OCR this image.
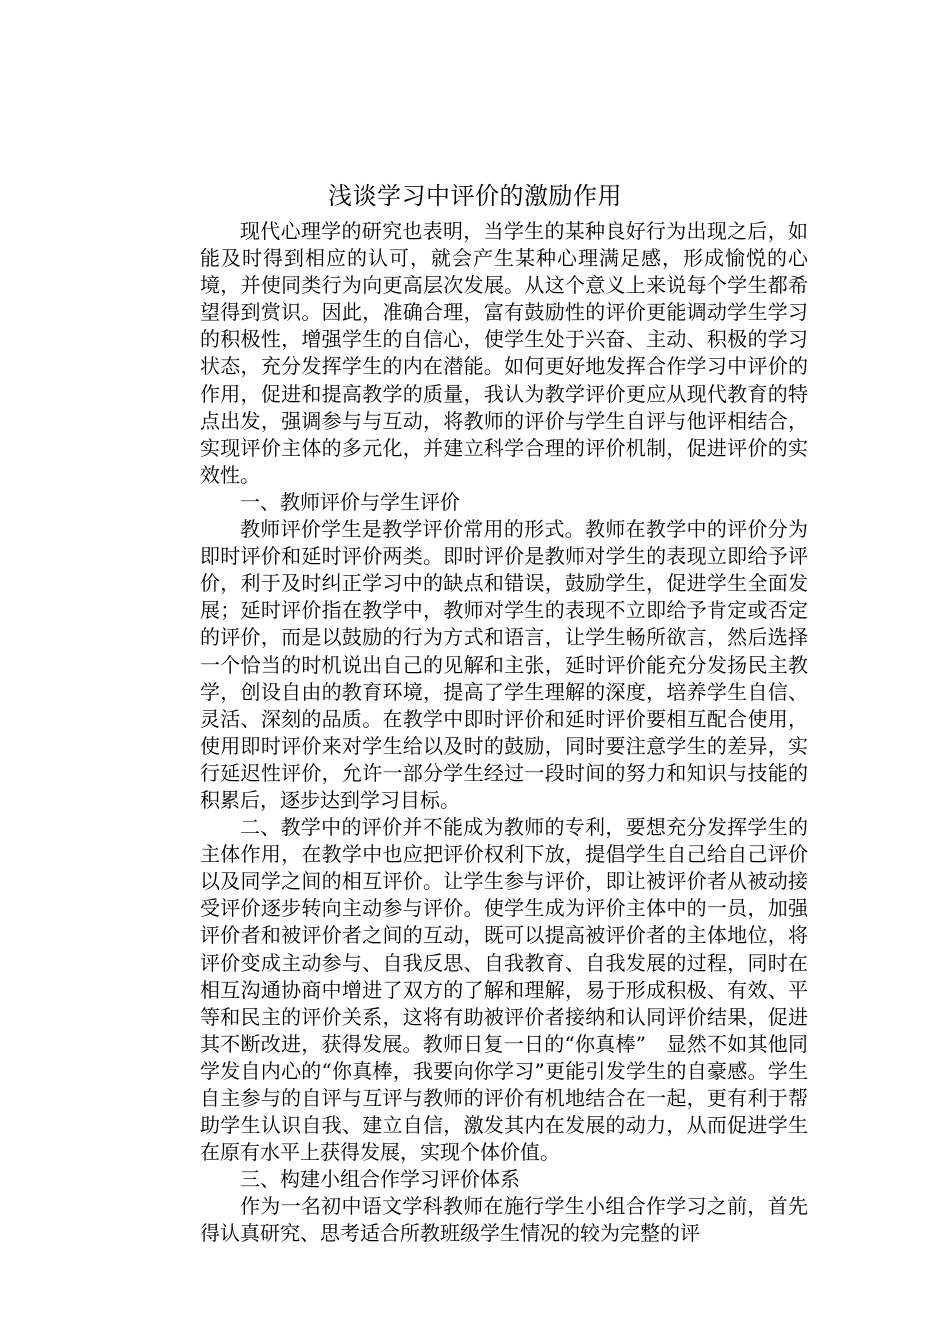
浅谈学习中评价的激励作用

现代心理学的研究也表明，当学生的某种良好行为出现之后，如能及时得到相应的认可，就会产生某种心理满足感，形成愉悦的心境，并使同类行为向更高层次发展。从这个意义上来说每个学生都希望得到赏识。因此，准确合理，富有鼓励性的评价更能调动学生学习的积极性，增强学生的自信心，使学生处于兴奋、主动、积极的学习状态，充分发挥学生的内在潜能。如何更好地发挥合作学习中评价的作用，促进和提高教学的质量，我认为教学评价更应从现代教育的特点出发，强调参与与互动，将教师的评价与学生自评与他评相结合，实现评价主体的多元化，并建立科学合理的评价机制，促进评价的实效性。

一、教师评价与学生评价

教师评价学生是教学评价常用的形式。教师在教学中的评价分为即时评价和延时评价两类。即时评价是教师对学生的表现立即给予评价，利于及时纠正学习中的缺点和错误，鼓励学生，促进学生全面发展；延时评价指在教学中，教师对学生的表现不立即给予肯定或否定的评价，而是以鼓励的行为方式和语言，让学生畅所欲言，然后选择一个恰当的时机说出自己的见解和主张，延时评价能充分发扬民主教学，创设自由的教育环境，提高了学生理解的深度，培养学生自信、灵活、深刻的品质。在教学中即时评价和延时评价要相互配合使用，使用即时评价来对学生给以及时的鼓励，同时要注意学生的差异，实行延迟性评价，允许一部分学生经过一段时间的努力和知识与技能的积累后，逐步达到学习目标。

二、教学中的评价并不能成为教师的专利，要想充分发挥学生的主体作用，在教学中也应把评价权利下放，提倡学生自己给自己评价以及同学之间的相互评价。让学生参与评价，即让被评价者从被动接受评价逐步转向主动参与评价。使学生成为评价主体中的一员，加强评价者和被评价者之间的互动，既可以提高被评价者的主体地位，将评价变成主动参与、自我反思、自我教育、自我发展的过程，同时在相互沟通协商中增进了双方的了解和理解，易于形成积极、有效、平等和民主的评价关系，这将有助被评价者接纳和认同评价结果，促进其不断改进，获得发展。教师日复一日的“你真棒”　显然不如其他同学发自内心的“你真棒，我要向你学习”更能引发学生的自豪感。学生自主参与的自评与互评与教师的评价有机地结合在一起，更有利于帮助学生认识自我、建立自信，激发其内在发展的动力，从而促进学生在原有水平上获得发展，实现个体价值。

三、构建小组合作学习评价体系

作为一名初中语文学科教师在施行学生小组合作学习之前，首先得认真研究、思考适合所教班级学生情况的较为完整的评
